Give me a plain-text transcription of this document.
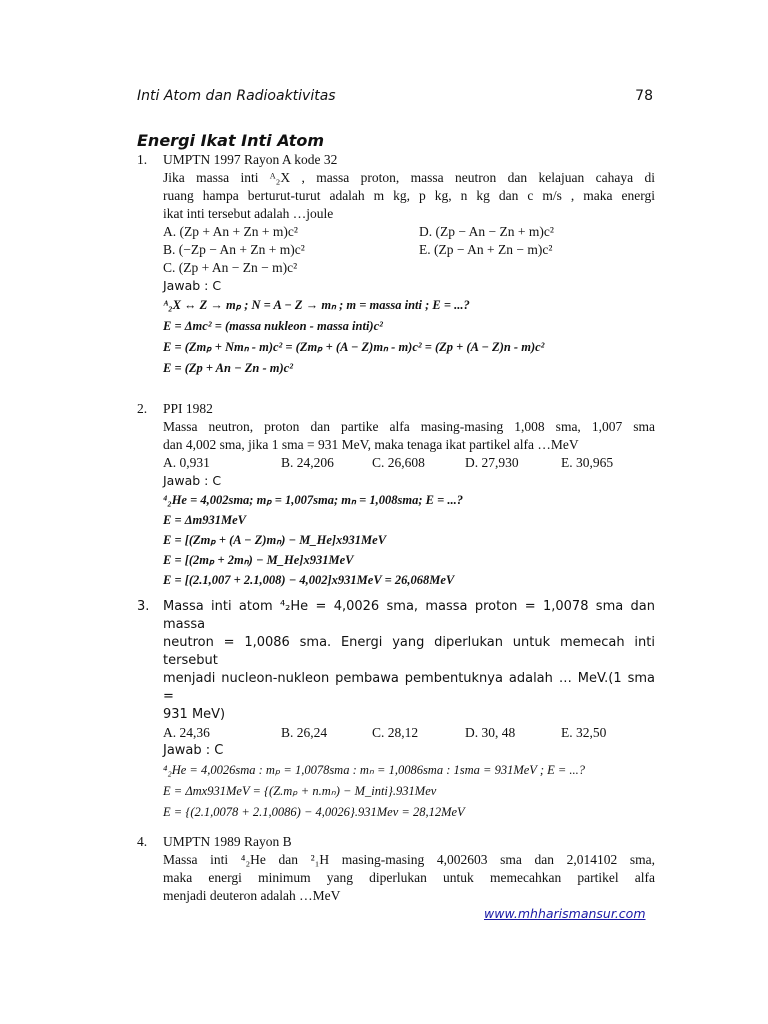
Inti Atom dan Radioaktivitas	78
Energi Ikat Inti Atom
1. UMPTN 1997 Rayon A kode 32
Jika massa inti ᴬ₂X , massa proton, massa neutron dan kelajuan cahaya di
ruang hampa berturut-turut adalah m kg, p kg, n kg dan c m/s , maka energi
ikat inti tersebut adalah …joule
A. (Zp + An + Zn + m)c²	D. (Zp − An − Zn + m)c²
B. (−Zp − An + Zn + m)c²	E. (Zp − An + Zn − m)c²
C. (Zp + An − Zn − m)c²
Jawab : C
ᴬ₂X ↔ Z → mₚ ; N = A − Z → mₙ ; m = massa inti ; E = ...?
E = Δmc² = (massa nukleon - massa inti)c²
E = (Zmₚ + Nmₙ - m)c² = (Zmₚ + (A − Z)mₙ - m)c² = (Zp + (A − Z)n - m)c²
E = (Zp + An − Zn - m)c²
2. PPI 1982
Massa neutron, proton dan partike alfa masing-masing 1,008 sma, 1,007 sma
dan 4,002 sma, jika 1 sma = 931 MeV, maka tenaga ikat partikel alfa …MeV
A. 0,931	B. 24,206	C. 26,608	D. 27,930	E. 30,965
Jawab : C
⁴₂He = 4,002sma; mₚ = 1,007sma; mₙ = 1,008sma; E = ...?
E = Δm931MeV
E = [(Zmₚ + (A − Z)mₙ) − M_He]x931MeV
E = [(2mₚ + 2mₙ) − M_He]x931MeV
E = [(2.1,007 + 2.1,008) − 4,002]x931MeV = 26,068MeV
3. Massa inti atom ⁴₂He = 4,0026 sma, massa proton = 1,0078 sma dan massa
neutron = 1,0086 sma. Energi yang diperlukan untuk memecah inti tersebut
menjadi nucleon-nukleon pembawa pembentuknya adalah … MeV.(1 sma =
931 MeV)
A. 24,36	B. 26,24	C. 28,12	D. 30, 48	E. 32,50
Jawab : C
⁴₂He = 4,0026sma : mₚ = 1,0078sma : mₙ = 1,0086sma : 1sma = 931MeV ; E = ...?
E = Δmx931MeV = {(Z.mₚ + n.mₙ) − M_inti}.931Mev
E = {(2.1,0078 + 2.1,0086) − 4,0026}.931Mev = 28,12MeV
4. UMPTN 1989 Rayon B
Massa inti ⁴₂He dan ²₁H masing-masing 4,002603 sma dan 2,014102 sma,
maka energi minimum yang diperlukan untuk memecahkan partikel alfa
menjadi deuteron adalah …MeV
www.mhharismansur.com
